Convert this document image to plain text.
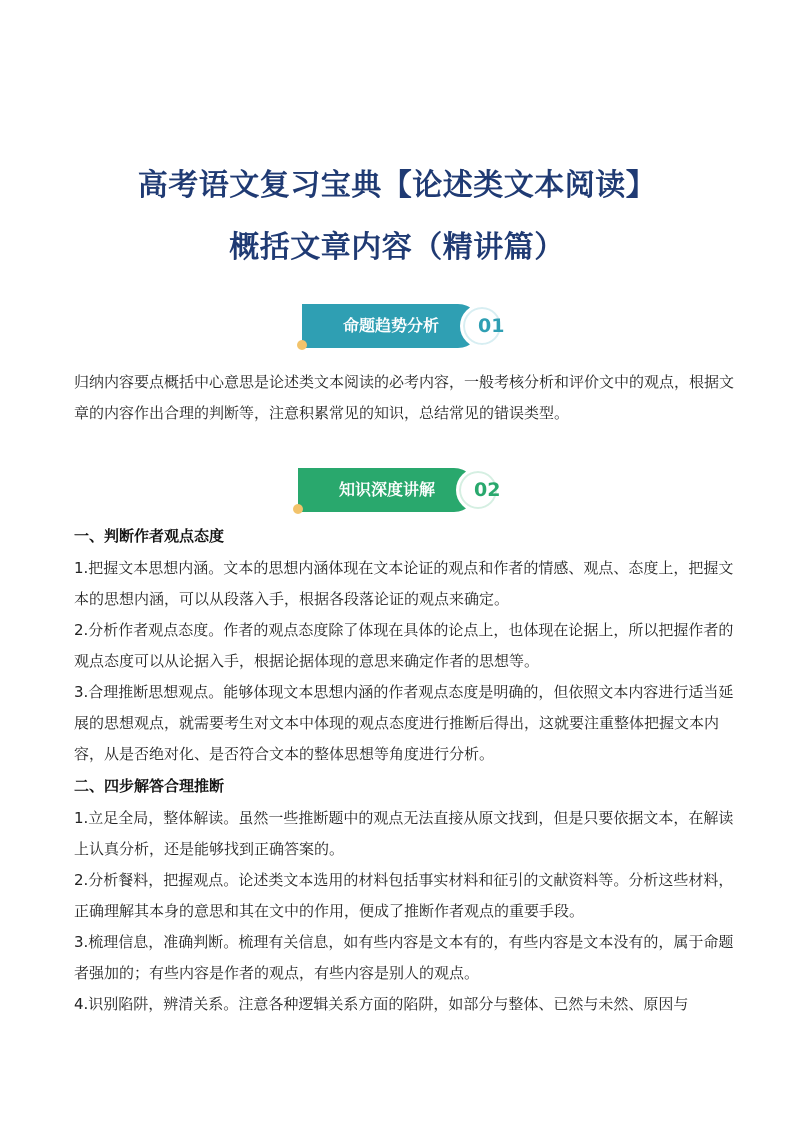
高考语文复习宝典【论述类文本阅读】
概括文章内容（精讲篇）
命题趋势分析	01
归纳内容要点概括中心意思是论述类文本阅读的必考内容，一般考核分析和评价文中的观点，根据文 章的内容作出合理的判断等，注意积累常见的知识，总结常见的错误类型。
知识深度讲解	02
一、判断作者观点态度
1.把握文本思想内涵。文本的思想内涵体现在文本论证的观点和作者的情感、观点、态度上，把握文 本的思想内涵，可以从段落入手，根据各段落论证的观点来确定。
2.分析作者观点态度。作者的观点态度除了体现在具体的论点上，也体现在论据上，所以把握作者的 观点态度可以从论据入手，根据论据体现的意思来确定作者的思想等。
3.合理推断思想观点。能够体现文本思想内涵的作者观点态度是明确的，但依照文本内容进行适当延展的思想观点，就需要考生对文本中体现的观点态度进行推断后得出，这就要注重整体把握文本内容，从是否绝对化、是否符合文本的整体思想等角度进行分析。
二、四步解答合理推断
1.立足全局，整体解读。虽然一些推断题中的观点无法直接从原文找到，但是只要依据文本，在解读上认真分析，还是能够找到正确答案的。
2.分析餐料，把握观点。论述类文本选用的材料包括事实材料和征引的文献资料等。分析这些材料， 正确理解其本身的意思和其在文中的作用，便成了推断作者观点的重要手段。
3.梳理信息，准确判断。梳理有关信息，如有些内容是文本有的，有些内容是文本没有的，属于命题者强加的；有些内容是作者的观点，有些内容是别人的观点。
4.识别陷阱，辨清关系。注意各种逻辑关系方面的陷阱，如部分与整体、已然与未然、原因与
